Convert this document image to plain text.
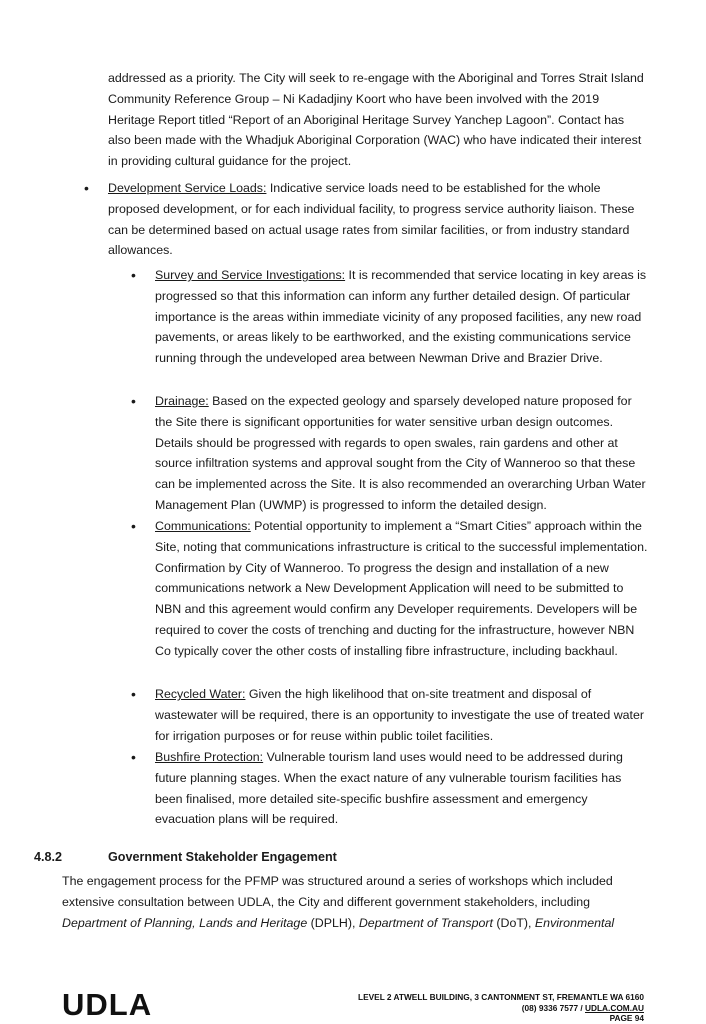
addressed as a priority. The City will seek to re-engage with the Aboriginal and Torres Strait Island Community Reference Group – Ni Kadadjiny Koort who have been involved with the 2019 Heritage Report titled “Report of an Aboriginal Heritage Survey Yanchep Lagoon”. Contact has also been made with the Whadjuk Aboriginal Corporation (WAC) who have indicated their interest in providing cultural guidance for the project.
• Development Service Loads: Indicative service loads need to be established for the whole proposed development, or for each individual facility, to progress service authority liaison. These can be determined based on actual usage rates from similar facilities, or from industry standard allowances.
• Survey and Service Investigations: It is recommended that service locating in key areas is progressed so that this information can inform any further detailed design. Of particular importance is the areas within immediate vicinity of any proposed facilities, any new road pavements, or areas likely to be earthworked, and the existing communications service running through the undeveloped area between Newman Drive and Brazier Drive.
• Drainage: Based on the expected geology and sparsely developed nature proposed for the Site there is significant opportunities for water sensitive urban design outcomes. Details should be progressed with regards to open swales, rain gardens and other at source infiltration systems and approval sought from the City of Wanneroo so that these can be implemented across the Site. It is also recommended an overarching Urban Water Management Plan (UWMP) is progressed to inform the detailed design.
• Communications: Potential opportunity to implement a “Smart Cities” approach within the Site, noting that communications infrastructure is critical to the successful implementation. Confirmation by City of Wanneroo. To progress the design and installation of a new communications network a New Development Application will need to be submitted to NBN and this agreement would confirm any Developer requirements. Developers will be required to cover the costs of trenching and ducting for the infrastructure, however NBN Co typically cover the other costs of installing fibre infrastructure, including backhaul.
• Recycled Water: Given the high likelihood that on-site treatment and disposal of wastewater will be required, there is an opportunity to investigate the use of treated water for irrigation purposes or for reuse within public toilet facilities.
• Bushfire Protection: Vulnerable tourism land uses would need to be addressed during future planning stages. When the exact nature of any vulnerable tourism facilities has been finalised, more detailed site-specific bushfire assessment and emergency evacuation plans will be required.
4.8.2	Government Stakeholder Engagement
The engagement process for the PFMP was structured around a series of workshops which included extensive consultation between UDLA, the City and different government stakeholders, including Department of Planning, Lands and Heritage (DPLH), Department of Transport (DoT), Environmental
UDLA	LEVEL 2 ATWELL BUILDING, 3 CANTONMENT ST, FREMANTLE WA 6160
(08) 9336 7577 / UDLA.COM.AU
PAGE 94
